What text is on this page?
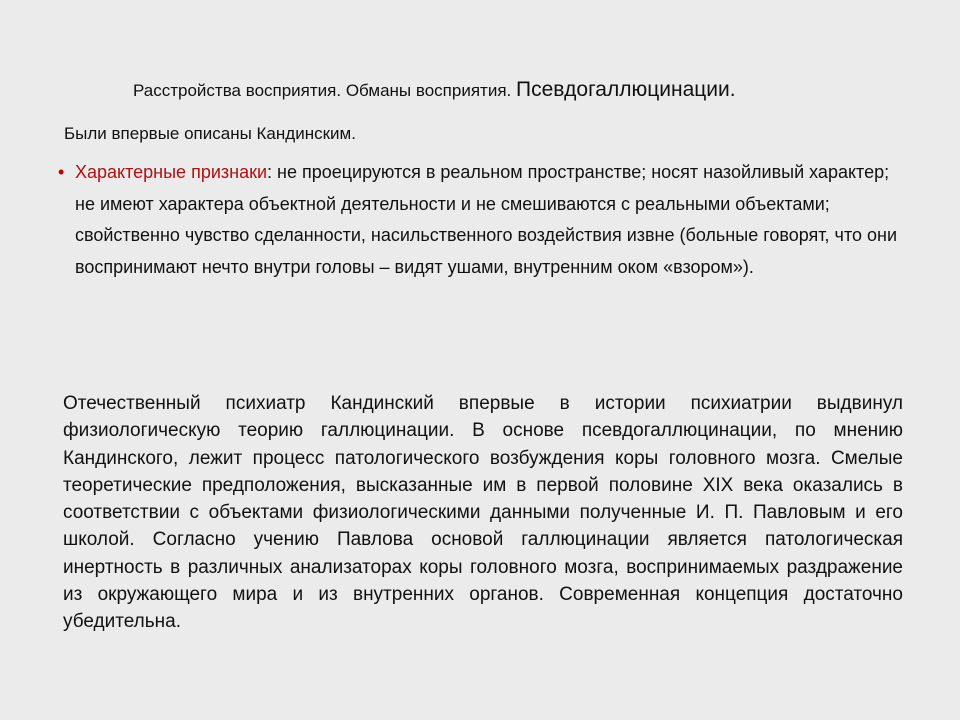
Расстройства восприятия. Обманы восприятия. Псевдогаллюцинации.

Были впервые описаны Кандинским.

• Характерные признаки: не проецируются в реальном пространстве; носят назойливый характер; не имеют характера объектной деятельности и не смешиваются с реальными объектами; свойственно чувство сделанности, насильственного воздействия извне (больные говорят, что они воспринимают нечто внутри головы – видят ушами, внутренним оком «взором»).

Отечественный психиатр Кандинский впервые в истории психиатрии выдвинул физиологическую теорию галлюцинации. В основе псевдогаллюцинации, по мнению Кандинского, лежит процесс патологического возбуждения коры головного мозга. Смелые теоретические предположения, высказанные им в первой половине XIX века оказались в соответствии с объектами физиологическими данными полученные И. П. Павловым и его школой. Согласно учению Павлова основой галлюцинации является патологическая инертность в различных анализаторах коры головного мозга, воспринимаемых раздражение из окружающего мира и из внутренних органов. Современная концепция достаточно убедительна.
